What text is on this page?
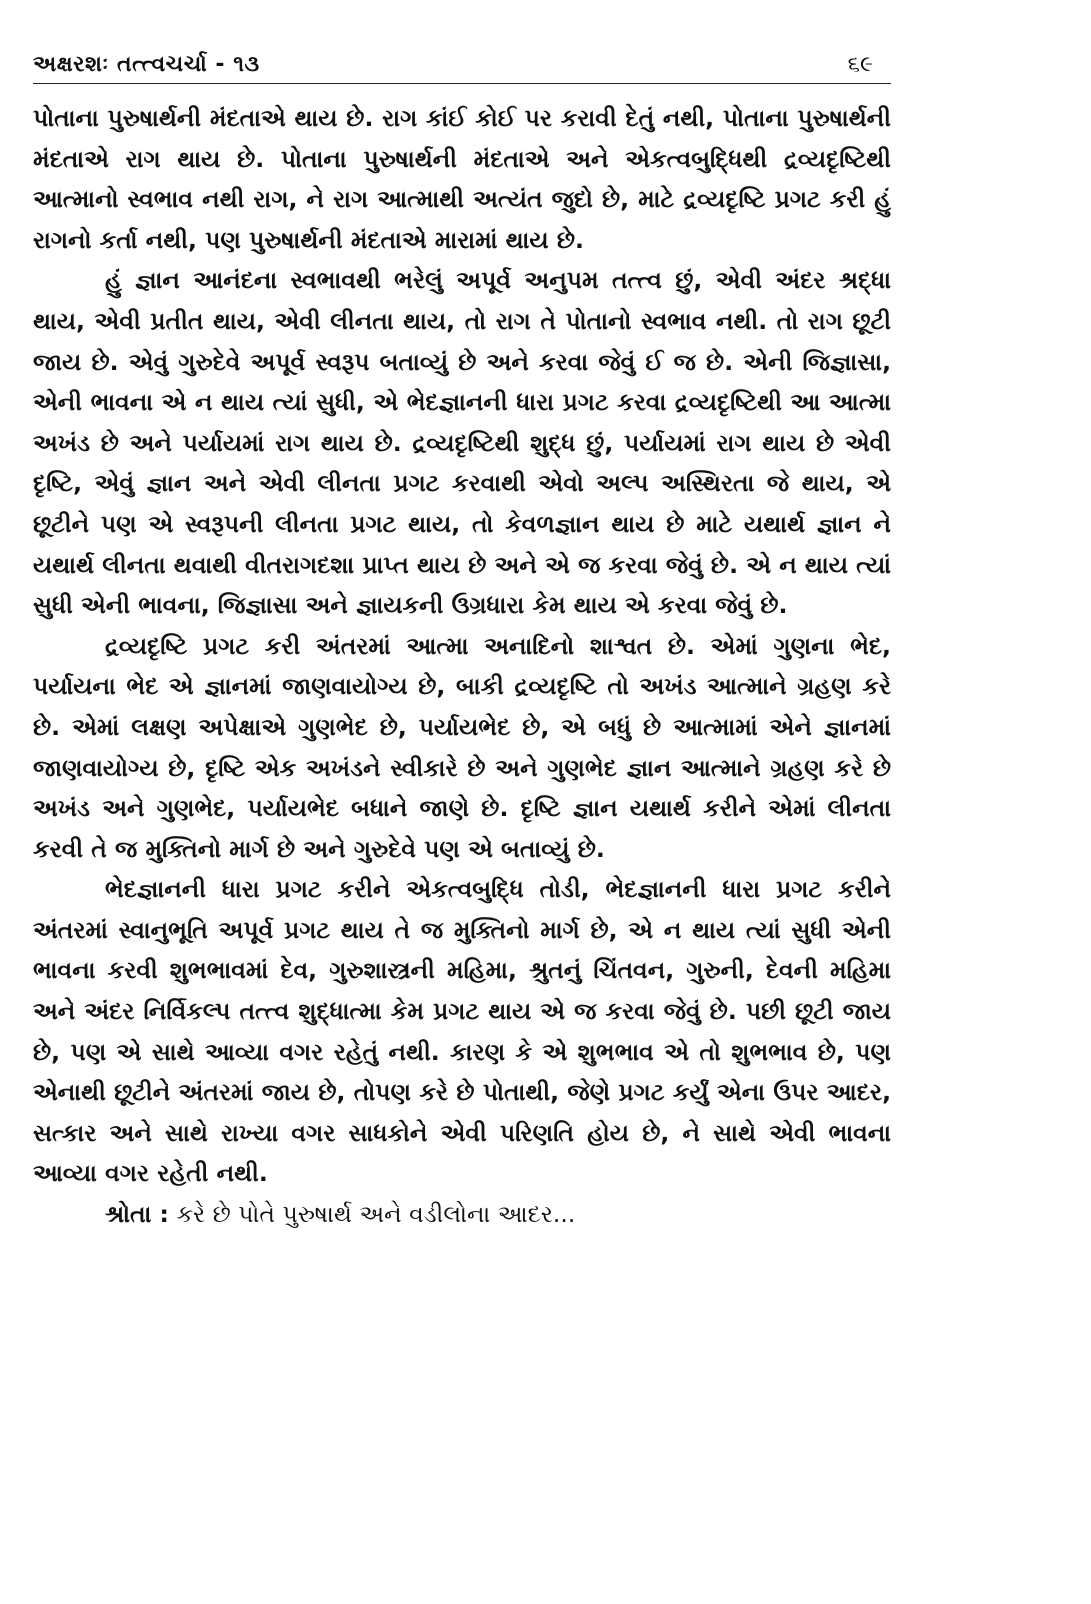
અક્ષરશઃ તત્ત્વચર્ચા - ૧૩	૬૯

પોતાના પુરુષાર્થની મંદતાએ થાય છે. રાગ કાંઈ કોઈ પર કરાવી દેતું નથી, પોતાના પુરુષાર્થની મંદતાએ રાગ થાય છે. પોતાના પુરુષાર્થની મંદતાએ અને એકત્વબુદ્ધિથી દ્રવ્યદૃષ્ટિથી આત્માનો સ્વભાવ નથી રાગ, ને રાગ આત્માથી અત્યંત જુદો છે, માટે દ્રવ્યદૃષ્ટિ પ્રગટ કરી હું રાગનો કર્તા નથી, પણ પુરુષાર્થની મંદતાએ મારામાં થાય છે.

હું જ્ઞાન આનંદના સ્વભાવથી ભરેલું અપૂર્વ અનુપમ તત્ત્વ છું, એવી અંદર શ્રદ્ધા થાય, એવી પ્રતીત થાય, એવી લીનતા થાય, તો રાગ તે પોતાનો સ્વભાવ નથી. તો રાગ છૂટી જાય છે. એવું ગુરુદેવે અપૂર્વ સ્વરૂપ બતાવ્યું છે અને કરવા જેવું ઈ જ છે. એની જિજ્ઞાસા, એની ભાવના એ ન થાય ત્યાં સુધી, એ ભેદજ્ઞાનની ધારા પ્રગટ કરવા દ્રવ્યદૃષ્ટિથી આ આત્મા અખંડ છે અને પર્યાયમાં રાગ થાય છે. દ્રવ્યદૃષ્ટિથી શુદ્ધ છું, પર્યાયમાં રાગ થાય છે એવી દૃષ્ટિ, એવું જ્ઞાન અને એવી લીનતા પ્રગટ કરવાથી એવો અલ્પ અસ્થિરતા જે થાય, એ છૂટીને પણ એ સ્વરૂપની લીનતા પ્રગટ થાય, તો કેવળજ્ઞાન થાય છે માટે યથાર્થ જ્ઞાન ને યથાર્થ લીનતા થવાથી વીતરાગદશા પ્રાપ્ત થાય છે અને એ જ કરવા જેવું છે. એ ન થાય ત્યાં સુધી એની ભાવના, જિજ્ઞાસા અને જ્ઞાયકની ઉગ્રધારા કેમ થાય એ કરવા જેવું છે.

દ્રવ્યદૃષ્ટિ પ્રગટ કરી અંતરમાં આત્મા અનાદિનો શાશ્વત છે. એમાં ગુણના ભેદ, પર્યાયના ભેદ એ જ્ઞાનમાં જાણવાયોગ્ય છે, બાકી દ્રવ્યદૃષ્ટિ તો અખંડ આત્માને ગ્રહણ કરે છે. એમાં લક્ષણ અપેક્ષાએ ગુણભેદ છે, પર્યાયભેદ છે, એ બધું છે આત્મામાં એને જ્ઞાનમાં જાણવાયોગ્ય છે, દૃષ્ટિ એક અખંડને સ્વીકારે છે અને ગુણભેદ જ્ઞાન આત્માને ગ્રહણ કરે છે અખંડ અને ગુણભેદ, પર્યાયભેદ બધાને જાણે છે. દૃષ્ટિ જ્ઞાન યથાર્થ કરીને એમાં લીનતા કરવી તે જ મુક્તિનો માર્ગ છે અને ગુરુદેવે પણ એ બતાવ્યું છે.

ભેદજ્ઞાનની ધારા પ્રગટ કરીને એકત્વબુદ્ધિ તોડી, ભેદજ્ઞાનની ધારા પ્રગટ કરીને અંતરમાં સ્વાનુભૂતિ અપૂર્વ પ્રગટ થાય તે જ મુક્તિનો માર્ગ છે, એ ન થાય ત્યાં સુધી એની ભાવના કરવી શુભભાવમાં દેવ, ગુરુશાસ્ત્રની મહિમા, શ્રુતનું ચિંતવન, ગુરુની, દેવની મહિમા અને અંદર નિર્વિકલ્પ તત્ત્વ શુદ્ધાત્મા કેમ પ્રગટ થાય એ જ કરવા જેવું છે. પછી છૂટી જાય છે, પણ એ સાથે આવ્યા વગર રહેતું નથી. કારણ કે એ શુભભાવ એ તો શુભભાવ છે, પણ એનાથી છૂટીને અંતરમાં જાય છે, તોપણ કરે છે પોતાથી, જેણે પ્રગટ કર્યું એના ઉપર આદર, સત્કાર અને સાથે રાખ્યા વગર સાધકોને એવી પરિણતિ હોય છે, ને સાથે એવી ભાવના આવ્યા વગર રહેતી નથી.

શ્રોતા : કરે છે પોતે પુરુષાર્થ અને વડીલોના આદર...
